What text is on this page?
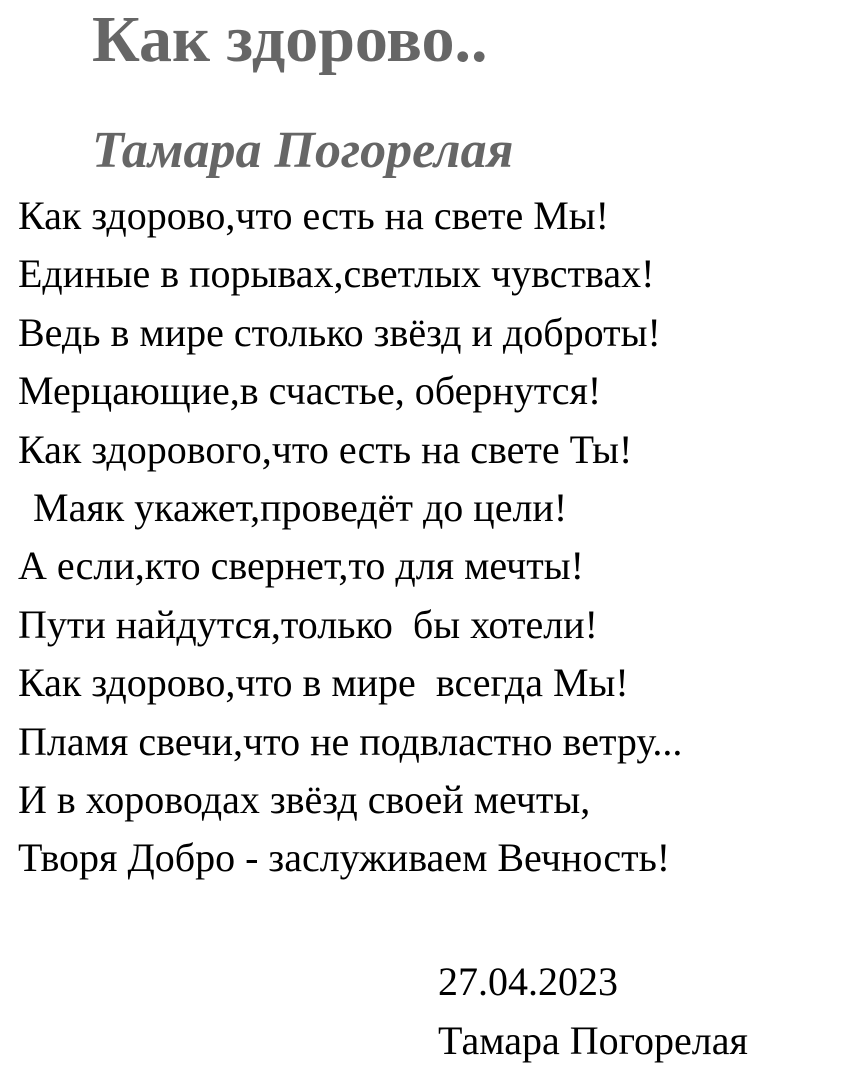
Как здорово..
Тамара Погорелая
Как здорово,что есть на свете Мы!
Единые в порывах,светлых чувствах!
Ведь в мире столько звёзд и доброты!
Мерцающие,в счастье, обернутся!
Как здоровогo,что есть на свете Ты!
Маяк укажет,проведёт до цели!
А если,кто свернет,то для мечты!
Пути найдутся,только  бы хотели!
Как здорово,что в мире  всегда Мы!
Пламя свечи,что не подвластно ветру...
И в хороводах звёзд своей мечты,
Творя Добро - заслуживаем Вечность!
27.04.2023
Тамара Погорелая
